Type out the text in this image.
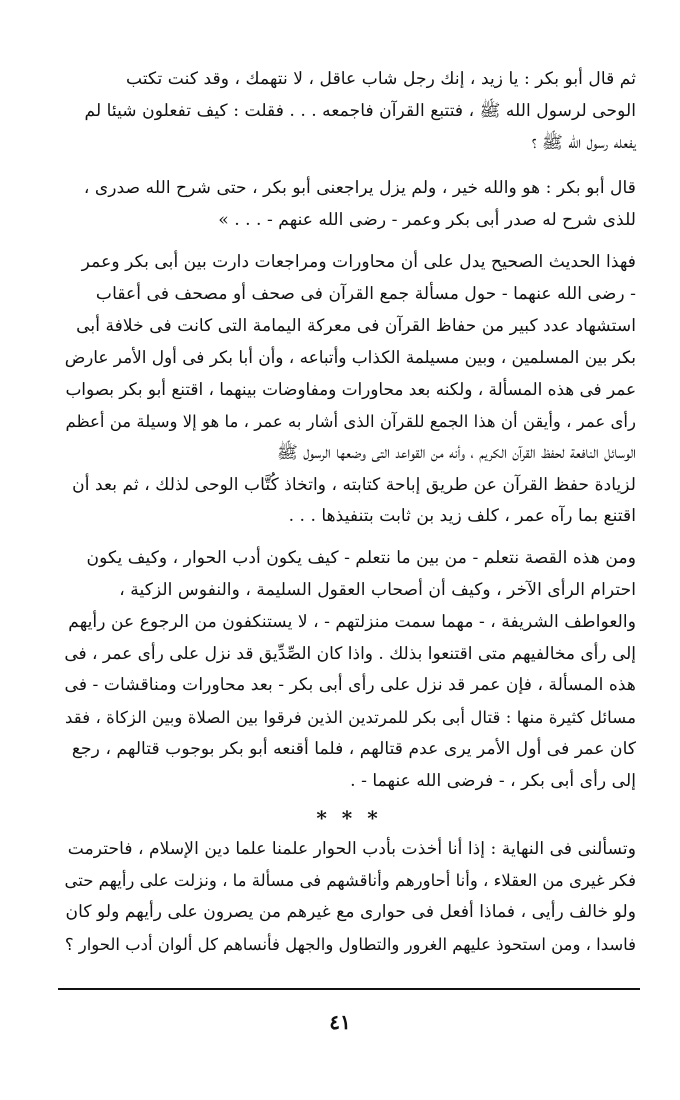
ثم قال أبو بكر : يا زيد ، إنك رجل شاب عاقل ، لا نتهمك ، وقد كنت تكتب
الوحى لرسول الله ﷺ ، فتتبع القرآن فاجمعه . . . فقلت : كيف تفعلون شيئا لم
يفعله رسول الله ﷺ ؟

قال أبو بكر : هو والله خير ، ولم يزل يراجعنى أبو بكر ، حتى شرح الله صدرى ،
للذى شرح له صدر أبى بكر وعمر - رضى الله عنهم - . . . »

فهذا الحديث الصحيح يدل على أن محاورات ومراجعات دارت بين أبى بكر وعمر
- رضى الله عنهما - حول مسألة جمع القرآن فى صحف أو مصحف فى أعقاب
استشهاد عدد كبير من حفاظ القرآن فى معركة اليمامة التى كانت فى خلافة أبى
بكر بين المسلمين ، وبين مسيلمة الكذاب وأتباعه ، وأن أبا بكر فى أول الأمر عارض
عمر فى هذه المسألة ، ولكنه بعد محاورات ومفاوضات بينهما ، اقتنع أبو بكر بصواب
رأى عمر ، وأيقن أن هذا الجمع للقرآن الذى أشار به عمر ، ما هو إلا وسيلة من أعظم
الوسائل النافعة لحفظ القرآن الكريم ، وأنه من القواعد التى وضعها الرسول ﷺ
لزيادة حفظ القرآن عن طريق إباحة كتابته ، واتخاذ كُتَّاب الوحى لذلك ، ثم بعد أن
اقتنع بما رآه عمر ، كلف زيد بن ثابت بتنفيذها . . .

ومن هذه القصة نتعلم - من بين ما نتعلم - كيف يكون أدب الحوار ، وكيف يكون
احترام الرأى الآخر ، وكيف أن أصحاب العقول السليمة ، والنفوس الزكية ،
والعواطف الشريفة ، - مهما سمت منزلتهم - ، لا يستنكفون من الرجوع عن رأيهم
إلى رأى مخالفيهم متى اقتنعوا بذلك . واذا كان الصِّدِّيق قد نزل على رأى عمر ، فى
هذه المسألة ، فإن عمر قد نزل على رأى أبى بكر - بعد محاورات ومناقشات - فى
مسائل كثيرة منها : قتال أبى بكر للمرتدين الذين فرقوا بين الصلاة وبين الزكاة ، فقد
كان عمر فى أول الأمر يرى عدم قتالهم ، فلما أقنعه أبو بكر بوجوب قتالهم ، رجع
إلى رأى أبى بكر ، - فرضى الله عنهما - .

* * *

وتسألنى فى النهاية : إذا أنا أخذت بأدب الحوار علمنا علما دين الإسلام ، فاحترمت
فكر غيرى من العقلاء ، وأنا أحاورهم وأناقشهم فى مسألة ما ، ونزلت على رأيهم حتى
ولو خالف رأيى ، فماذا أفعل فى حوارى مع غيرهم من يصرون على رأيهم ولو كان
فاسدا ، ومن استحوذ عليهم الغرور والتطاول والجهل فأنساهم كل ألوان أدب الحوار ؟

٤١
